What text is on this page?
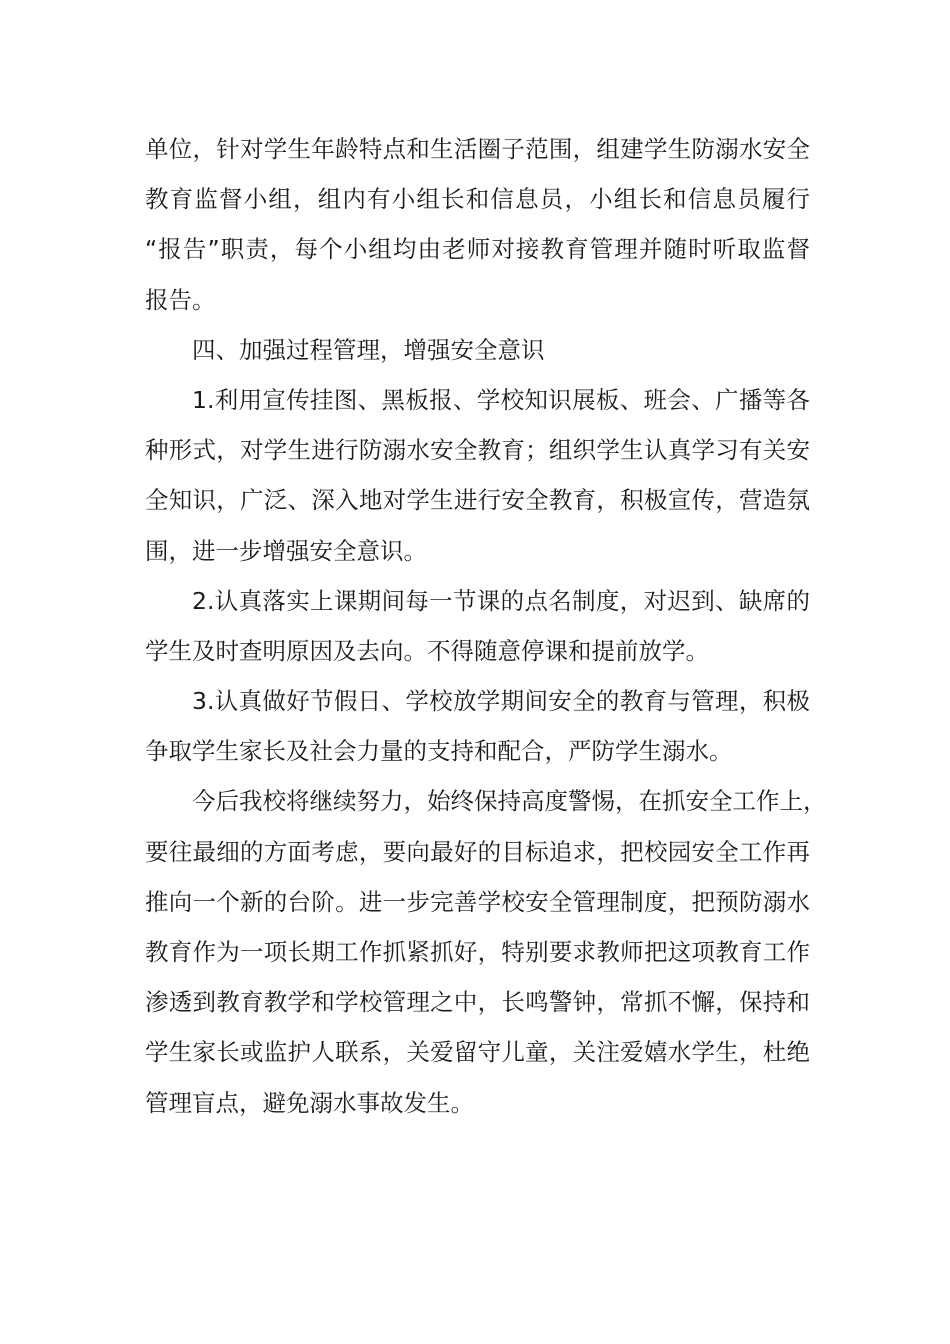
单位，针对学生年龄特点和生活圈子范围，组建学生防溺水安全
教育监督小组，组内有小组长和信息员，小组长和信息员履行
“报告”职责，每个小组均由老师对接教育管理并随时听取监督
报告。
四、加强过程管理，增强安全意识
1.利用宣传挂图、黑板报、学校知识展板、班会、广播等各
种形式，对学生进行防溺水安全教育；组织学生认真学习有关安
全知识，广泛、深入地对学生进行安全教育，积极宣传，营造氛
围，进一步增强安全意识。
2.认真落实上课期间每一节课的点名制度，对迟到、缺席的
学生及时查明原因及去向。不得随意停课和提前放学。
3.认真做好节假日、学校放学期间安全的教育与管理，积极
争取学生家长及社会力量的支持和配合，严防学生溺水。
今后我校将继续努力，始终保持高度警惕，在抓安全工作上，
要往最细的方面考虑，要向最好的目标追求，把校园安全工作再
推向一个新的台阶。进一步完善学校安全管理制度，把预防溺水
教育作为一项长期工作抓紧抓好，特别要求教师把这项教育工作
渗透到教育教学和学校管理之中，长鸣警钟，常抓不懈，保持和
学生家长或监护人联系，关爱留守儿童，关注爱嬉水学生，杜绝
管理盲点，避免溺水事故发生。
